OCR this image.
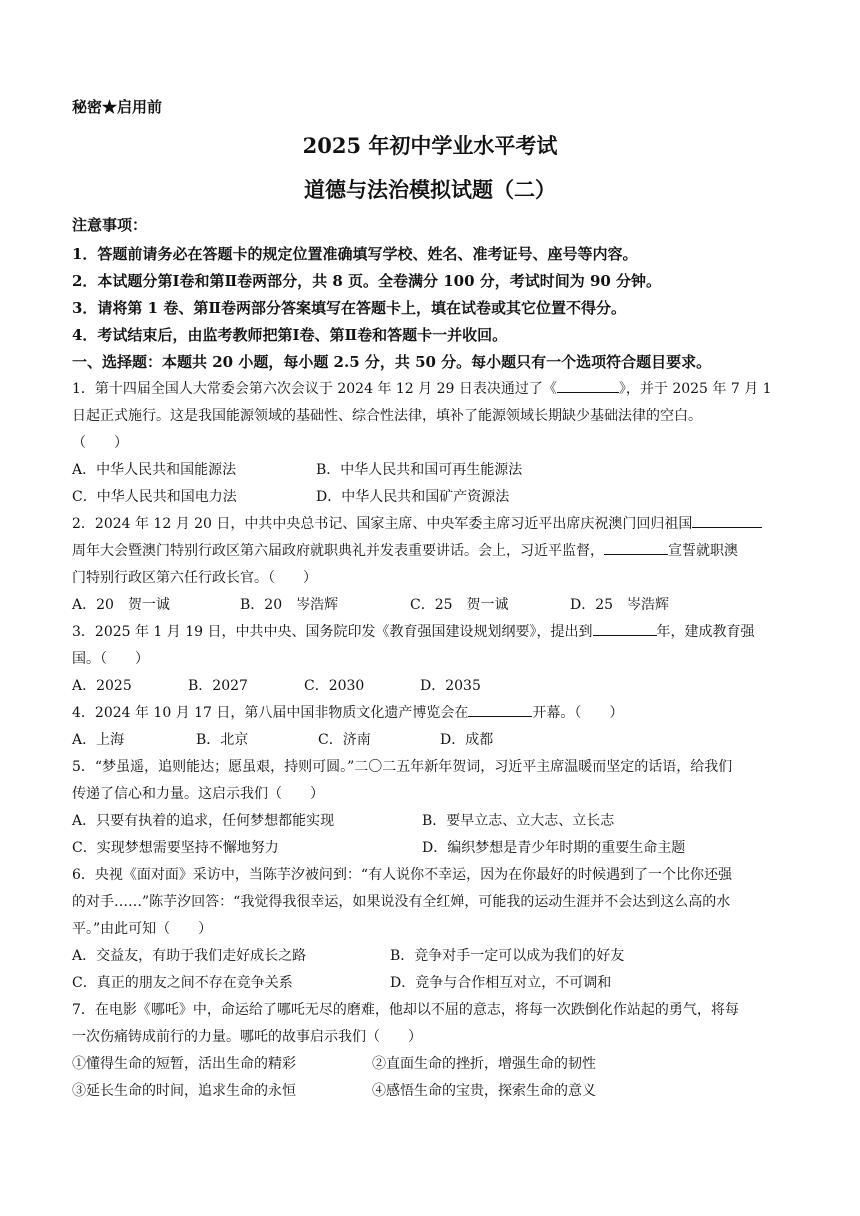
秘密★启用前
2025 年初中学业水平考试
道德与法治模拟试题（二）
注意事项：
1．答题前请务必在答题卡的规定位置准确填写学校、姓名、准考证号、座号等内容。
2．本试题分第Ⅰ卷和第Ⅱ卷两部分，共 8 页。全卷满分 100 分，考试时间为 90 分钟。
3．请将第 1 卷、第Ⅱ卷两部分答案填写在答题卡上，填在试卷或其它位置不得分。
4．考试结束后，由监考教师把第Ⅰ卷、第Ⅱ卷和答题卡一并收回。
一、选择题：本题共 20 小题，每小题 2.5 分，共 50 分。每小题只有一个选项符合题目要求。
1．第十四届全国人大常委会第六次会议于 2024 年 12 月 29 日表决通过了《	》，并于 2025 年 7 月 1
日起正式施行。这是我国能源领域的基础性、综合性法律，填补了能源领域长期缺少基础法律的空白。
（　　）
A．中华人民共和国能源法	B．中华人民共和国可再生能源法
C．中华人民共和国电力法	D．中华人民共和国矿产资源法
2．2024 年 12 月 20 日，中共中央总书记、国家主席、中央军委主席习近平出席庆祝澳门回归祖国
周年大会暨澳门特别行政区第六届政府就职典礼并发表重要讲话。会上，习近平监督，	宣誓就职澳
门特别行政区第六任行政长官。（　　）
A．20　贺一诚	B．20　岑浩辉	C．25　贺一诚	D．25　岑浩辉
3．2025 年 1 月 19 日，中共中央、国务院印发《教育强国建设规划纲要》，提出到	年，建成教育强
国。（　　）
A．2025	B．2027	C．2030	D．2035
4．2024 年 10 月 17 日，第八届中国非物质文化遗产博览会在	开幕。（　　）
A．上海	B．北京	C．济南	D．成都
5．“梦虽遥，追则能达；愿虽艰，持则可圆。”二〇二五年新年贺词，习近平主席温暖而坚定的话语，给我们
传递了信心和力量。这启示我们（　　）
A．只要有执着的追求，任何梦想都能实现	B．要早立志、立大志、立长志
C．实现梦想需要坚持不懈地努力	D．编织梦想是青少年时期的重要生命主题
6．央视《面对面》采访中，当陈芋汐被问到：“有人说你不幸运，因为在你最好的时候遇到了一个比你还强
的对手……”陈芋汐回答：“我觉得我很幸运，如果说没有全红婵，可能我的运动生涯并不会达到这么高的水
平。”由此可知（　　）
A．交益友，有助于我们走好成长之路	B．竞争对手一定可以成为我们的好友
C．真正的朋友之间不存在竞争关系	D．竞争与合作相互对立，不可调和
7．在电影《哪吒》中，命运给了哪吒无尽的磨难，他却以不屈的意志，将每一次跌倒化作站起的勇气，将每
一次伤痛铸成前行的力量。哪吒的故事启示我们（　　）
①懂得生命的短暂，活出生命的精彩	②直面生命的挫折，增强生命的韧性
③延长生命的时间，追求生命的永恒	④感悟生命的宝贵，探索生命的意义
